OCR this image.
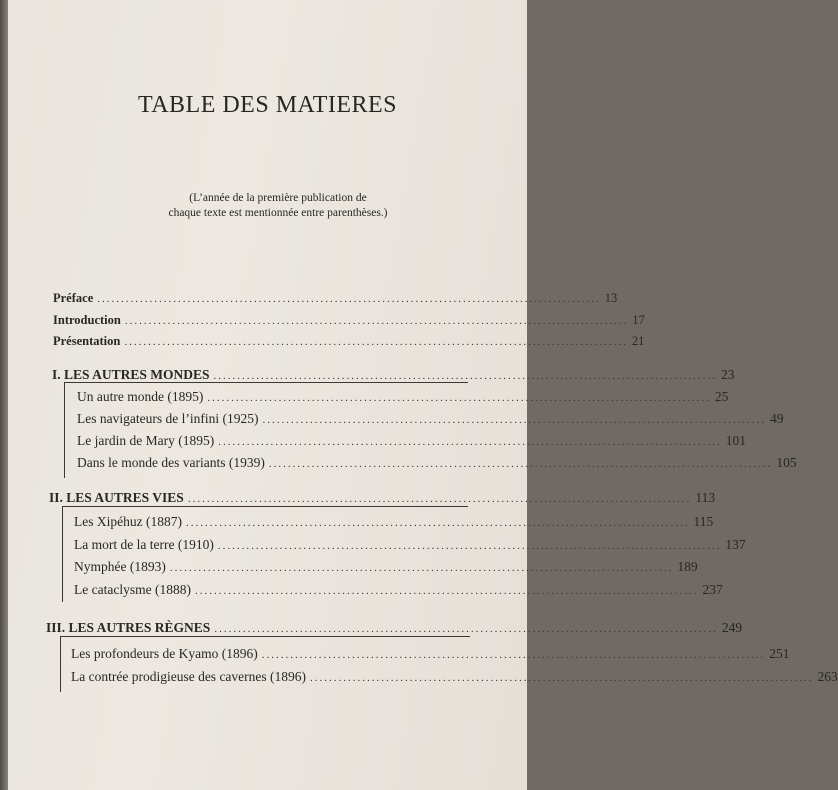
TABLE DES MATIERES
(L’année de la première publication de
chaque texte est mentionnée entre parenthèses.)
Préface .......................................................................................................... 13
Introduction .......................................................................................................... 17
Présentation .......................................................................................................... 21
I. LES AUTRES MONDES .......................................................................................................... 23
Un autre monde (1895) .......................................................................................................... 25
Les navigateurs de l’infini (1925) .......................................................................................................... 49
Le jardin de Mary (1895) .......................................................................................................... 101
Dans le monde des variants (1939) .......................................................................................................... 105
II. LES AUTRES VIES .......................................................................................................... 113
Les Xipéhuz (1887) .......................................................................................................... 115
La mort de la terre (1910) .......................................................................................................... 137
Nymphée (1893) .......................................................................................................... 189
Le cataclysme (1888) .......................................................................................................... 237
III. LES AUTRES RÈGNES .......................................................................................................... 249
Les profondeurs de Kyamo (1896) .......................................................................................................... 251
La contrée prodigieuse des cavernes (1896) .......................................................................................................... 263
